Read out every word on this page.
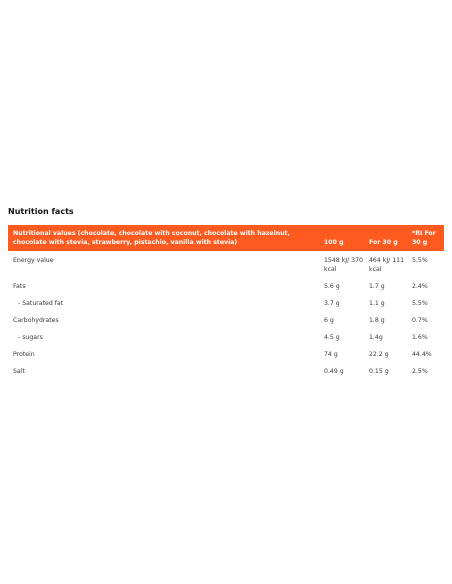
Nutrition facts
Nutritional values (chocolate, chocolate with coconut, chocolate with hazelnut, chocolate with stevia, strawberry, pistachio, vanilla with stevia)	100 g	For 30 g	*RI For 30 g
Energy value	1548 kJ/ 370 kcal	464 kJ/ 111 kcal	5.5%
Fats	5.6 g	1.7 g	2.4%
- Saturated fat	3.7 g	1.1 g	5.5%
Carbohydrates	6 g	1.8 g	0.7%
- sugars	4.5 g	1.4g	1.6%
Protein	74 g	22.2 g	44.4%
Salt	0.49 g	0.15 g	2.5%
